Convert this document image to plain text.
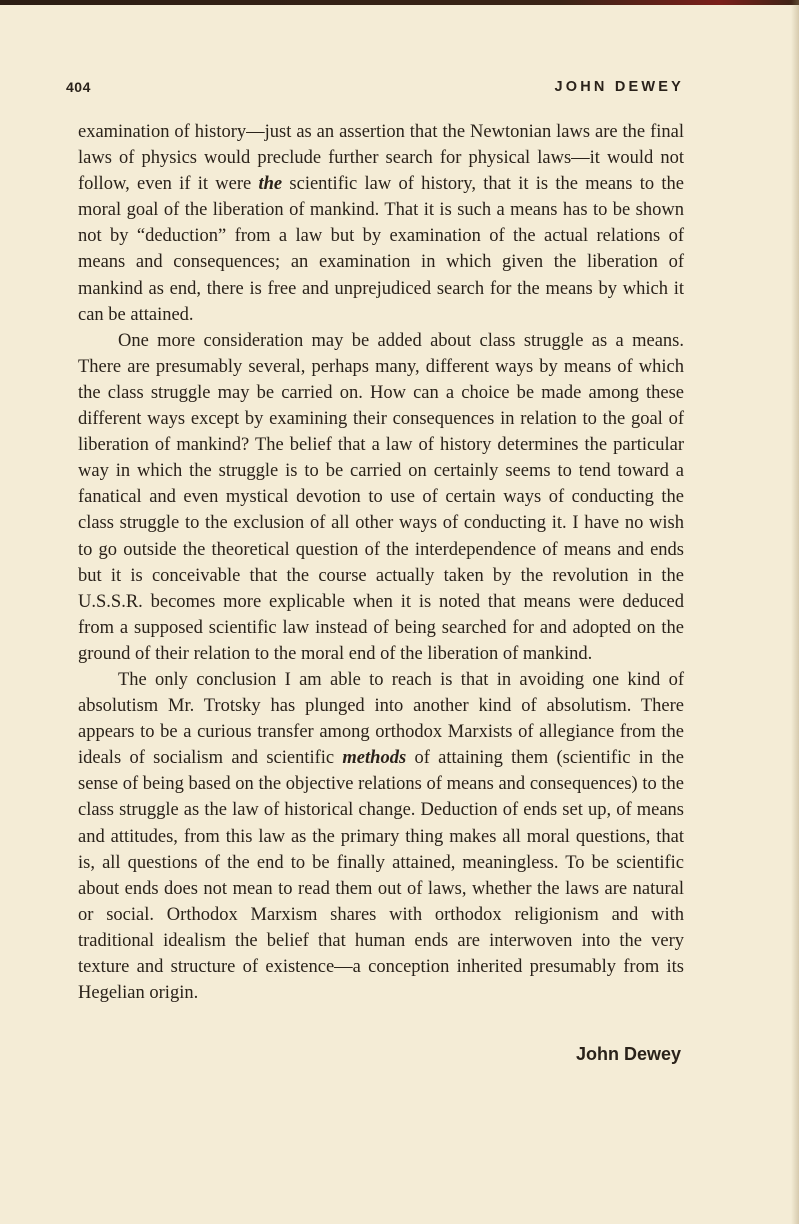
404	JOHN DEWEY

examination of history—just as an assertion that the Newtonian laws are the final laws of physics would preclude further search for physical laws—it would not follow, even if it were the scientific law of history, that it is the means to the moral goal of the liberation of mankind. That it is such a means has to be shown not by “deduction” from a law but by examination of the actual relations of means and consequences; an examination in which given the liberation of mankind as end, there is free and unprejudiced search for the means by which it can be attained.

One more consideration may be added about class struggle as a means. There are presumably several, perhaps many, different ways by means of which the class struggle may be carried on. How can a choice be made among these different ways except by examining their consequences in relation to the goal of liberation of mankind? The belief that a law of history determines the particular way in which the struggle is to be carried on certainly seems to tend toward a fanatical and even mystical devotion to use of certain ways of conducting the class struggle to the exclusion of all other ways of conducting it. I have no wish to go outside the theoretical question of the interdependence of means and ends but it is conceivable that the course actually taken by the revolution in the U.S.S.R. becomes more explicable when it is noted that means were deduced from a supposed scientific law instead of being searched for and adopted on the ground of their relation to the moral end of the liberation of mankind.

The only conclusion I am able to reach is that in avoiding one kind of absolutism Mr. Trotsky has plunged into another kind of absolutism. There appears to be a curious transfer among orthodox Marxists of allegiance from the ideals of socialism and scientific methods of attaining them (scientific in the sense of being based on the objective relations of means and consequences) to the class struggle as the law of historical change. Deduction of ends set up, of means and attitudes, from this law as the primary thing makes all moral questions, that is, all questions of the end to be finally attained, meaningless. To be scientific about ends does not mean to read them out of laws, whether the laws are natural or social. Orthodox Marxism shares with orthodox religionism and with traditional idealism the belief that human ends are interwoven into the very texture and structure of existence—a conception inherited presumably from its Hegelian origin.

John Dewey
